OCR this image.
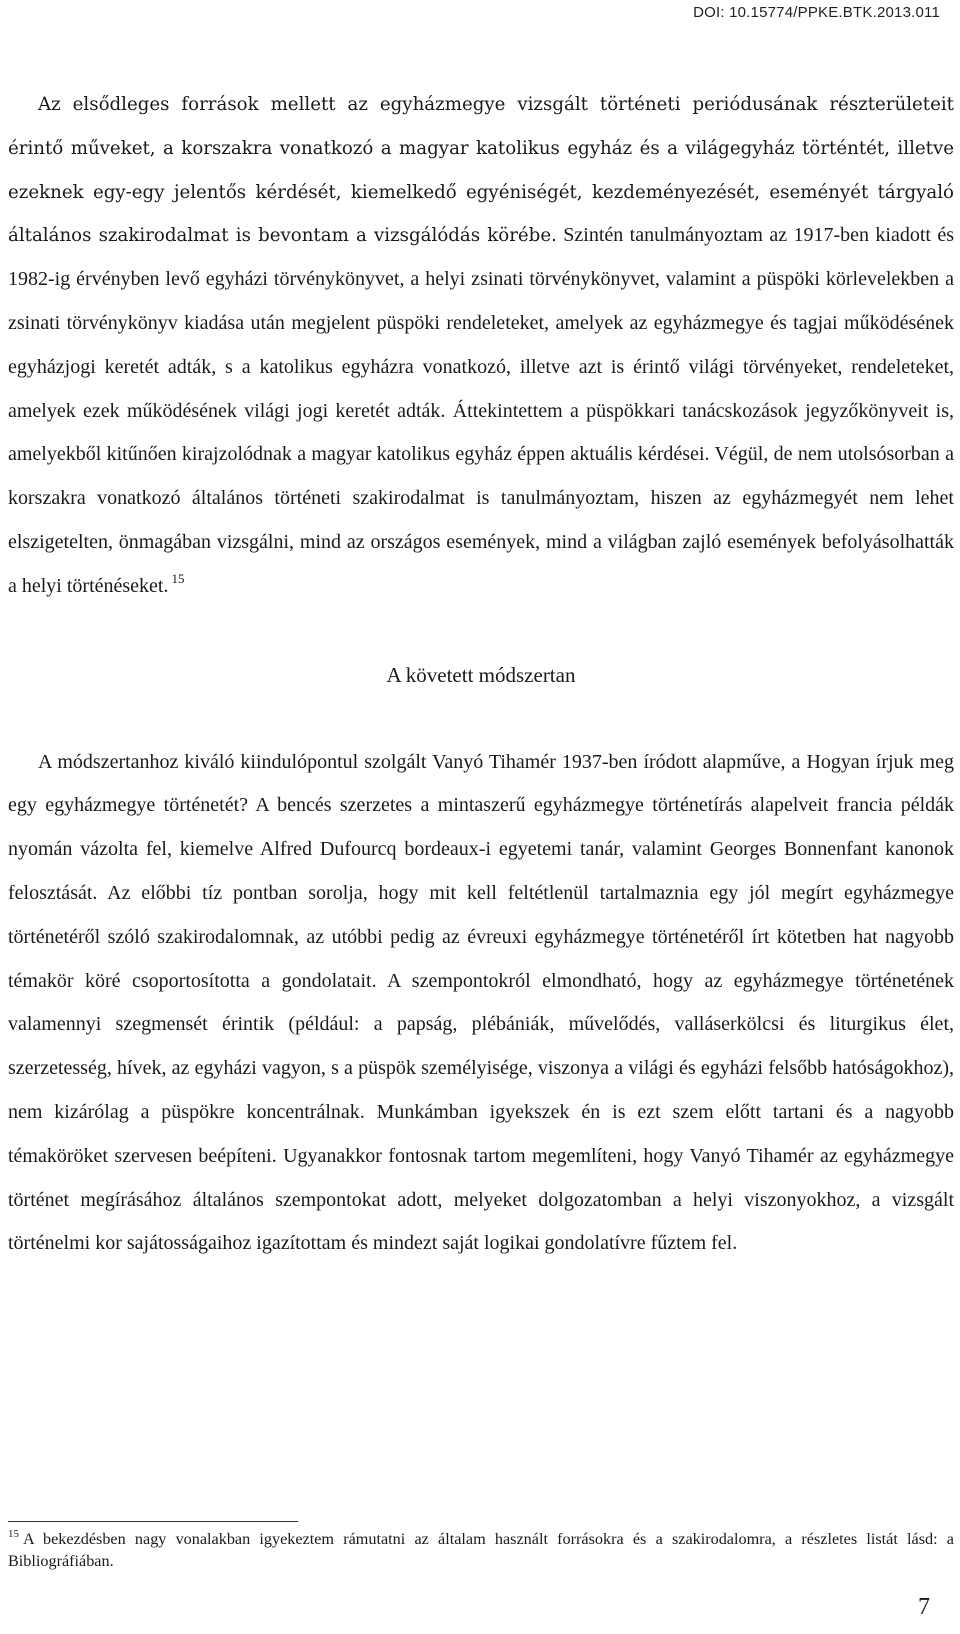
DOI: 10.15774/PPKE.BTK.2013.011

Az elsődleges források mellett az egyházmegye vizsgált történeti periódusának részterületeit érintő műveket, a korszakra vonatkozó a magyar katolikus egyház és a világegyház történtét, illetve ezeknek egy-egy jelentős kérdését, kiemelkedő egyéniségét, kezdeményezését, eseményét tárgyaló általános szakirodalmat is bevontam a vizsgálódás körébe. Szintén tanulmányoztam az 1917-ben kiadott és 1982-ig érvényben levő egyházi törvénykönyvet, a helyi zsinati törvénykönyvet, valamint a püspöki körlevelekben a zsinati törvénykönyv kiadása után megjelent püspöki rendeleteket, amelyek az egyházmegye és tagjai működésének egyházjogi keretét adták, s a katolikus egyházra vonatkozó, illetve azt is érintő világi törvényeket, rendeleteket, amelyek ezek működésének világi jogi keretét adták. Áttekintettem a püspökkari tanácskozások jegyzőkönyveit is, amelyekből kitűnően kirajzolódnak a magyar katolikus egyház éppen aktuális kérdései. Végül, de nem utolsósorban a korszakra vonatkozó általános történeti szakirodalmat is tanulmányoztam, hiszen az egyházmegyét nem lehet elszigetelten, önmagában vizsgálni, mind az országos események, mind a világban zajló események befolyásolhatták a helyi történéseket. $^{15}$

A követett módszertan

A módszertanhoz kiváló kiindulópontul szolgált Vanyó Tihamér 1937-ben íródott alapműve, a Hogyan írjuk meg egy egyházmegye történetét? A bencés szerzetes a mintaszerű egyházmegye történetírás alapelveit francia példák nyomán vázolta fel, kiemelve Alfred Dufourcq bordeaux-i egyetemi tanár, valamint Georges Bonnenfant kanonok felosztását. Az előbbi tíz pontban sorolja, hogy mit kell feltétlenül tartalmaznia egy jól megírt egyházmegye történetéről szóló szakirodalomnak, az utóbbi pedig az évreuxi egyházmegye történetéről írt kötetben hat nagyobb témakör köré csoportosította a gondolatait. A szempontokról elmondható, hogy az egyházmegye történetének valamennyi szegmensét érintik (például: a papság, plébániák, művelődés, valláserkölcsi és liturgikus élet, szerzetesség, hívek, az egyházi vagyon, s a püspök személyisége, viszonya a világi és egyházi felsőbb hatóságokhoz), nem kizárólag a püspökre koncentrálnak. Munkámban igyekszek én is ezt szem előtt tartani és a nagyobb témaköröket szervesen beépíteni. Ugyanakkor fontosnak tartom megemlíteni, hogy Vanyó Tihamér az egyházmegye történet megírásához általános szempontokat adott, melyeket dolgozatomban a helyi viszonyokhoz, a vizsgált történelmi kor sajátosságaihoz igazítottam és mindezt saját logikai gondolatívre fűztem fel.

$^{15}$ A bekezdésben nagy vonalakban igyekeztem rámutatni az általam használt forrásokra és a szakirodalomra, a részletes listát lásd: a Bibliográfiában.
7
